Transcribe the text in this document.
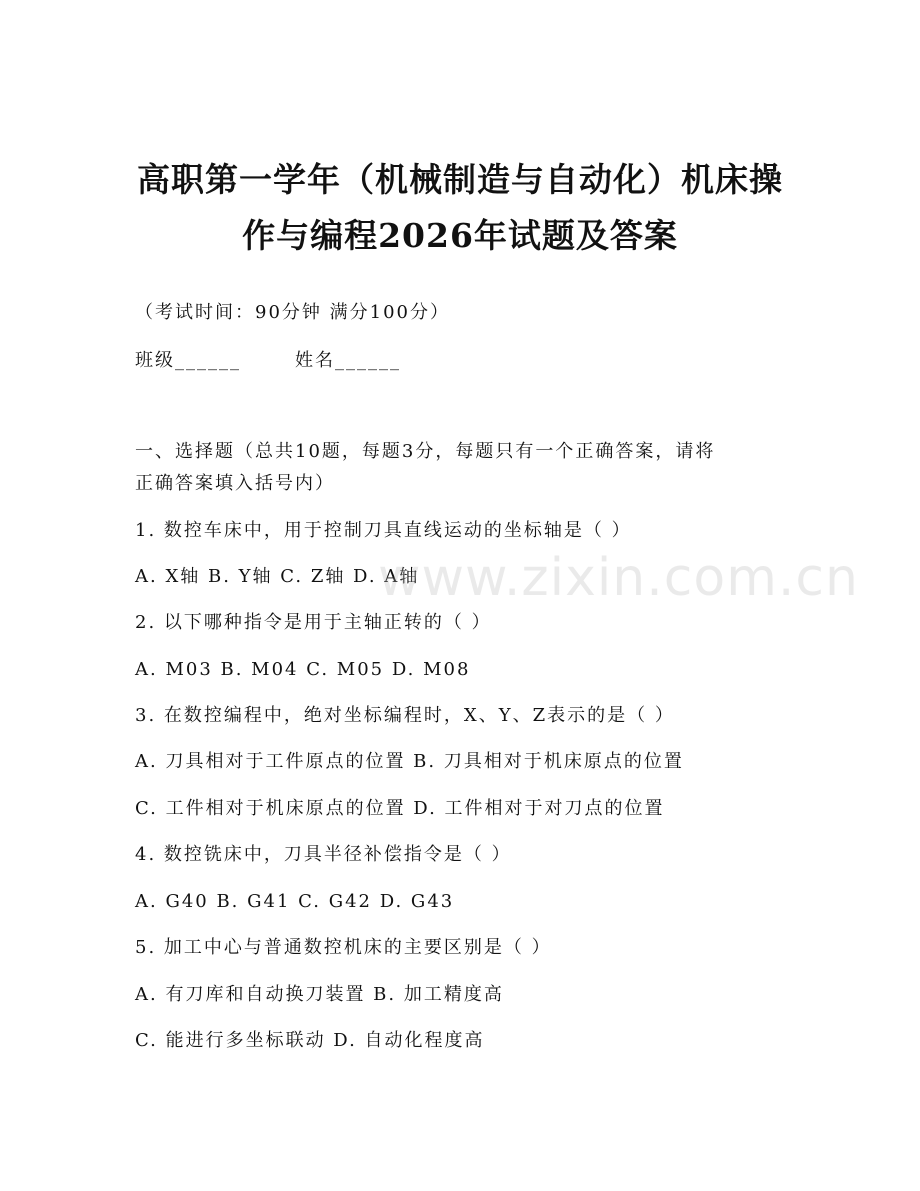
高职第一学年（机械制造与自动化）机床操
作与编程2026年试题及答案
（考试时间：90分钟 满分100分）
班级______	姓名______
一、选择题（总共10题，每题3分，每题只有一个正确答案，请将
正确答案填入括号内）
1. 数控车床中，用于控制刀具直线运动的坐标轴是（ ）
A. X轴 B. Y轴 C. Z轴 D. A轴
2. 以下哪种指令是用于主轴正转的（ ）
A. M03 B. M04 C. M05 D. M08
3. 在数控编程中，绝对坐标编程时，X、Y、Z表示的是（ ）
A. 刀具相对于工件原点的位置 B. 刀具相对于机床原点的位置
C. 工件相对于机床原点的位置 D. 工件相对于对刀点的位置
4. 数控铣床中，刀具半径补偿指令是（ ）
A. G40 B. G41 C. G42 D. G43
5. 加工中心与普通数控机床的主要区别是（ ）
A. 有刀库和自动换刀装置 B. 加工精度高
C. 能进行多坐标联动 D. 自动化程度高
www.zixin.com.cn
